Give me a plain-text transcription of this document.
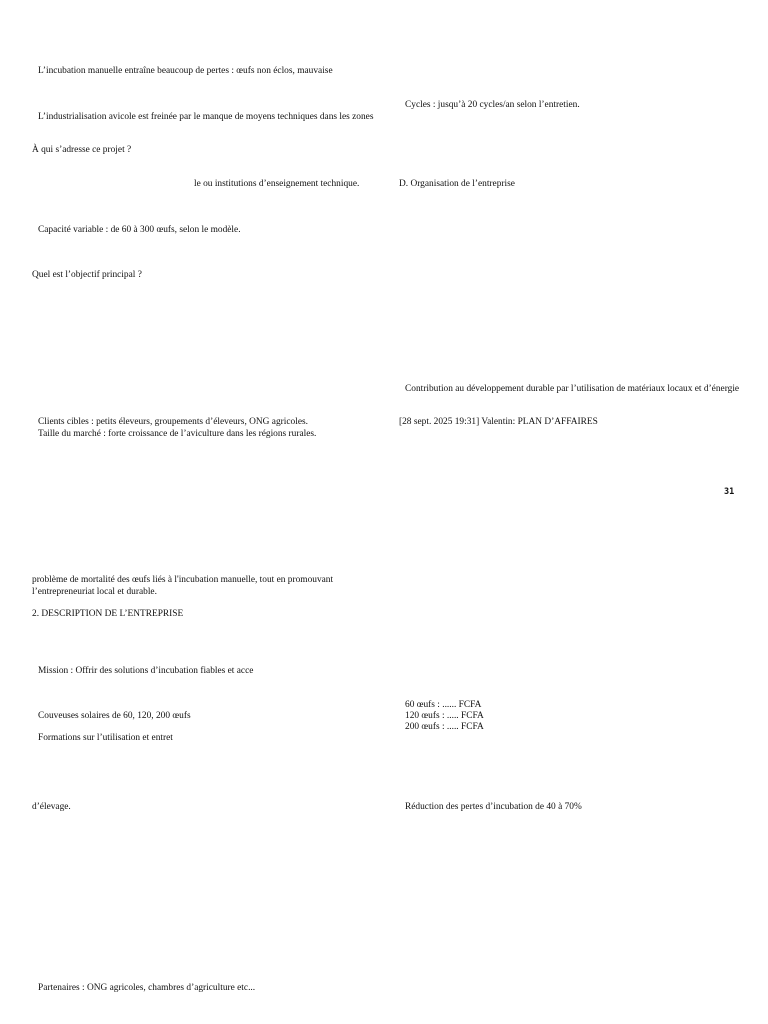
L’incubation manuelle entraîne beaucoup de pertes : œufs non éclos, mauvaise
L’industrialisation avicole est freinée par le manque de moyens techniques dans les zones
Cycles : jusqu’à 20 cycles/an selon l’entretien.
À qui s’adresse ce projet ?
le ou institutions d’enseignement technique.	D. Organisation de l’entreprise
Capacité variable : de 60 à 300 œufs, selon le modèle.
Quel est l’objectif principal ?
Contribution au développement durable par l’utilisation de matériaux locaux et d’énergie
Clients cibles : petits éleveurs, groupements d’éleveurs, ONG agricoles.	[28 sept. 2025 19:31] Valentin: PLAN D’AFFAIRES
Taille du marché : forte croissance de l’aviculture dans les régions rurales.
31
problème de mortalité des œufs liés à l'incubation manuelle, tout en promouvant
l’entrepreneuriat local et durable.
2. DESCRIPTION DE L’ENTREPRISE
Mission : Offrir des solutions d’incubation fiables et acce
60 œufs : ...... FCFA
120 œufs : ..... FCFA
200 œufs : ..... FCFA
Couveuses solaires de 60, 120, 200 œufs
Formations sur l’utilisation et entret
d’élevage.	Réduction des pertes d’incubation de 40 à 70%
Partenaires : ONG agricoles, chambres d’agriculture etc...
